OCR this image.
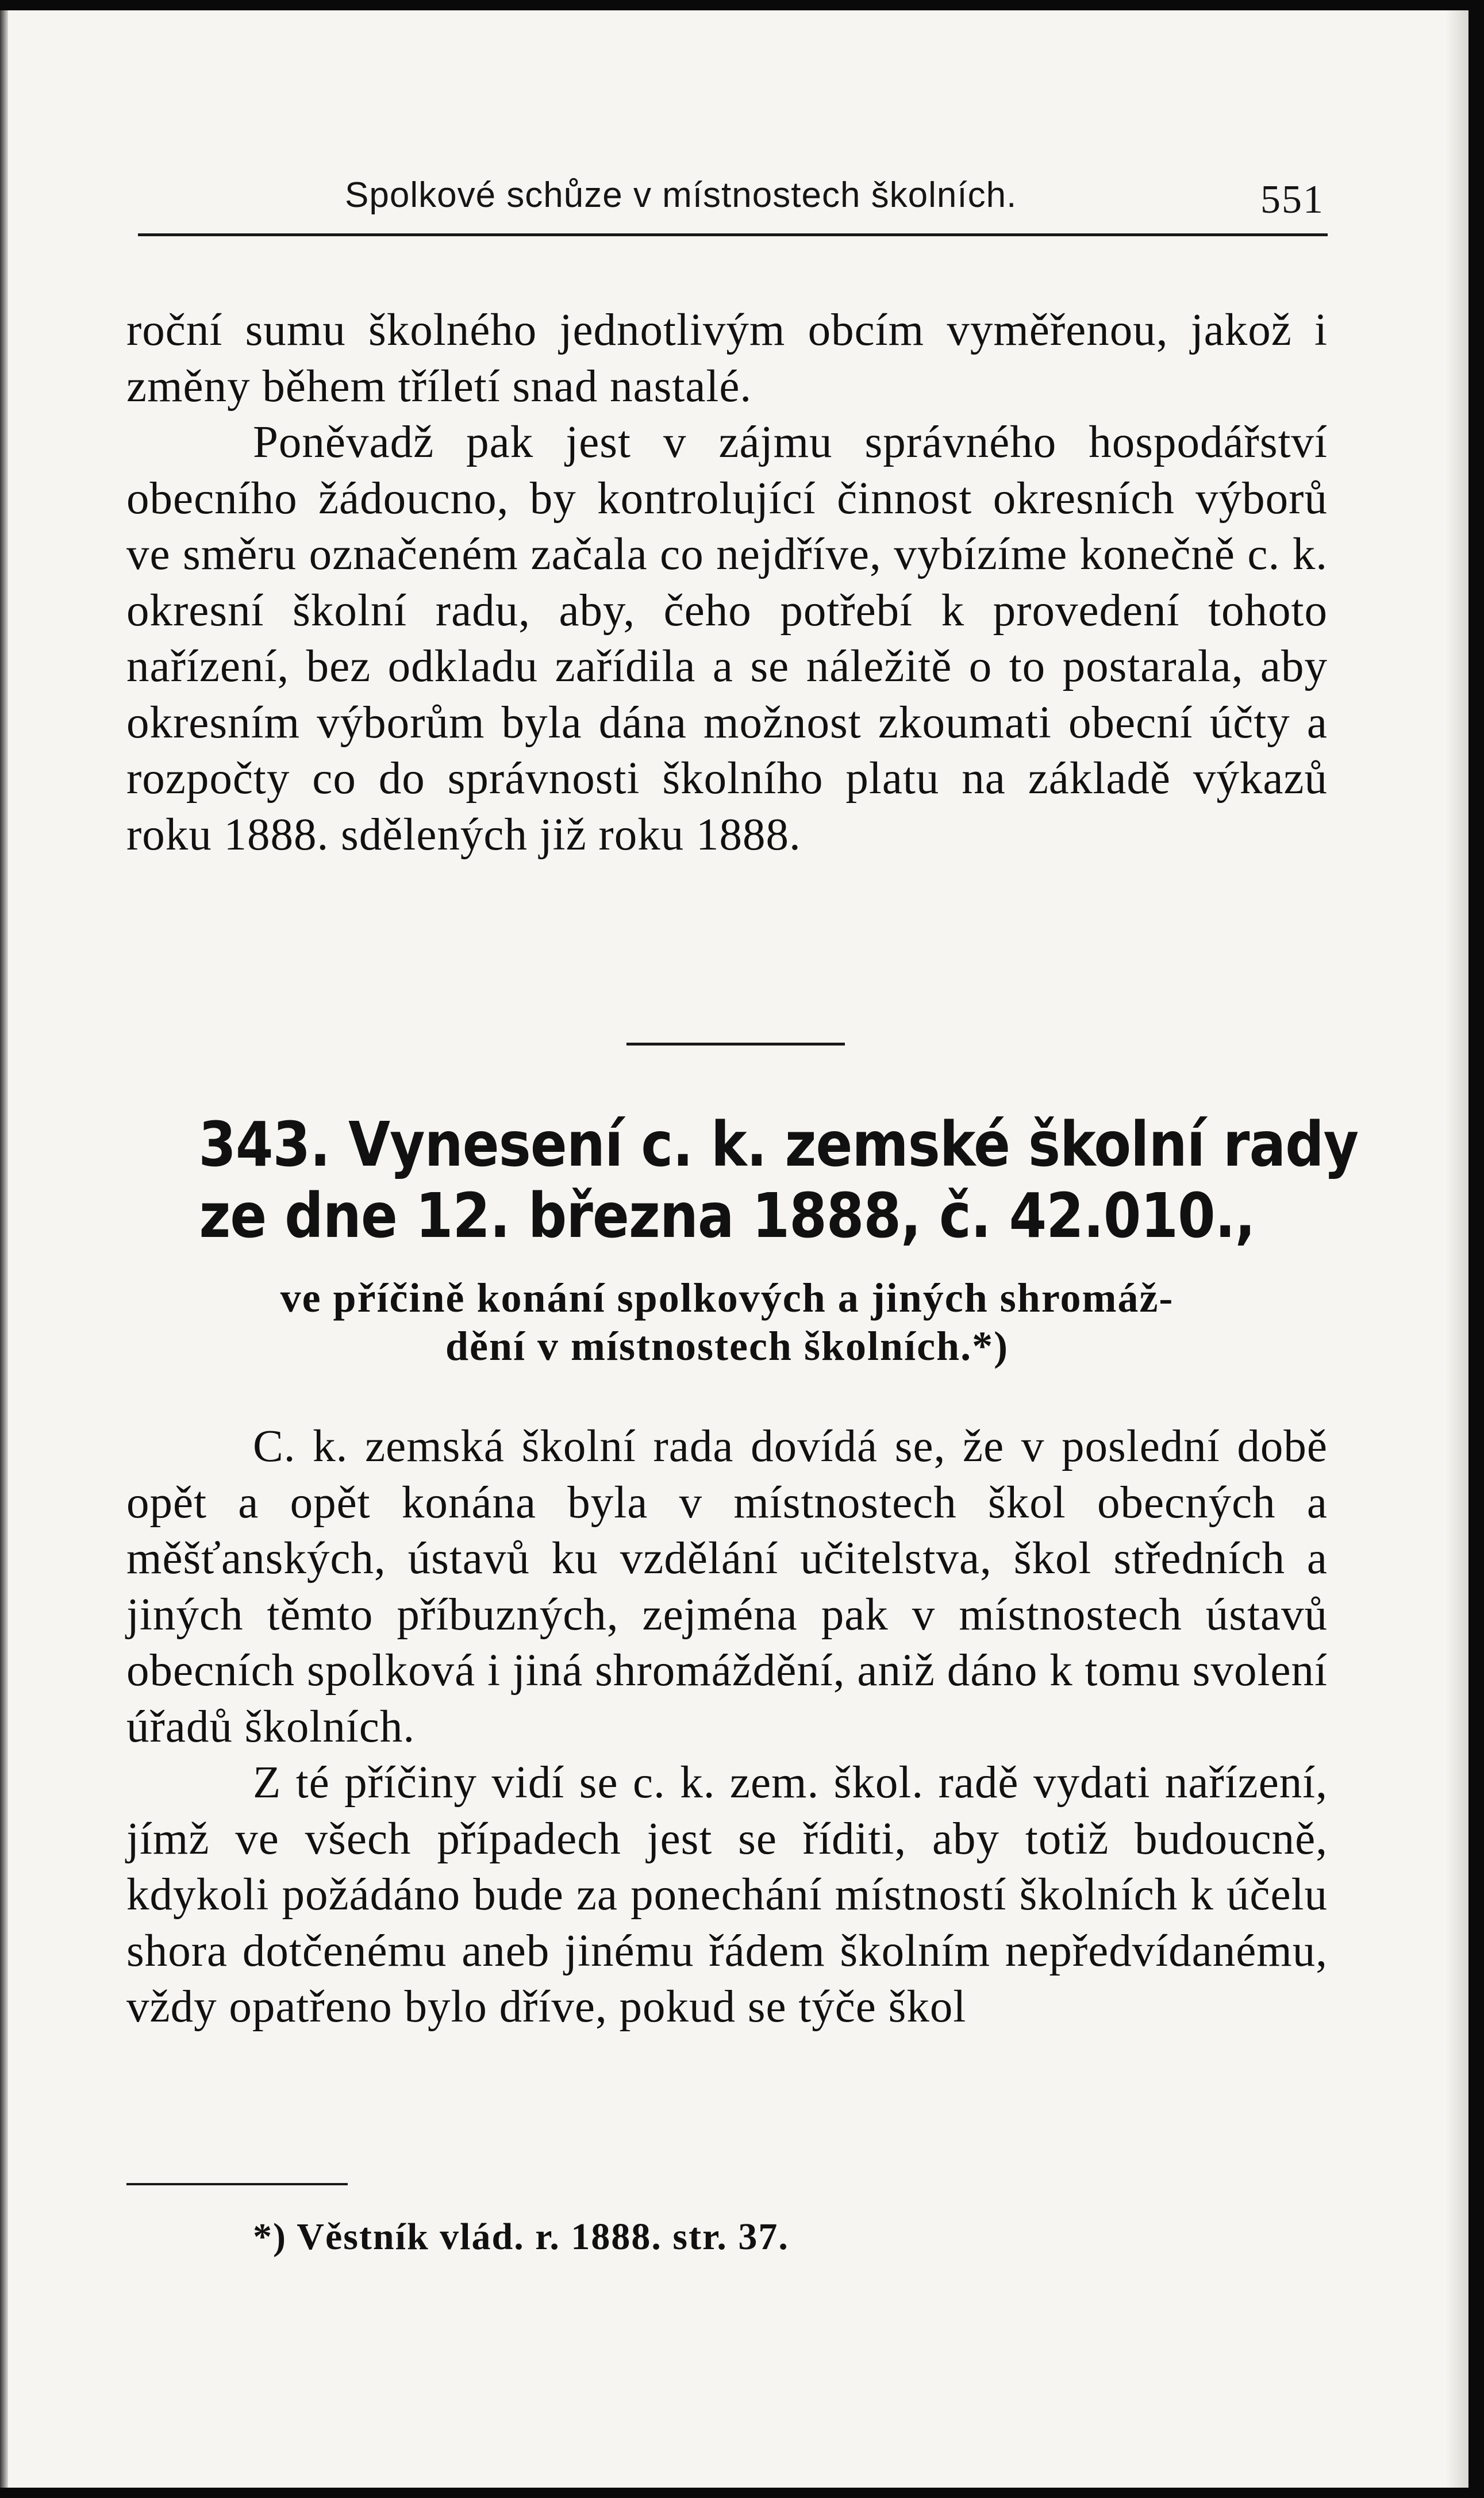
Spolkové schůze v místnostech školních.	551

roční sumu školného jednotlivým obcím vyměřenou, jakož i změny během tříletí snad nastalé.

Poněvadž pak jest v zájmu správného hospodářství obecního žádoucno, by kontrolující činnost okresních výborů ve směru označeném začala co nejdříve, vybízíme konečně c. k. okresní školní radu, aby, čeho potřebí k provedení tohoto nařízení, bez odkladu zařídila a se náležitě o to postarala, aby okresním výborům byla dána možnost zkoumati obecní účty a rozpočty co do správnosti školního platu na základě výkazů roku 1888. sdělených již roku 1888.

343. Vynesení c. k. zemské školní rady
ze dne 12. března 1888, č. 42.010.,
ve příčině konání spolkových a jiných shromáž-
dění v místnostech školních.*)

C. k. zemská školní rada dovídá se, že v poslední době opět a opět konána byla v místnostech škol obecných a měšťanských, ústavů ku vzdělání učitelstva, škol středních a jiných těmto příbuzných, zejména pak v místnostech ústavů obecních spolková i jiná shromáždění, aniž dáno k tomu svolení úřadů školních.

Z té příčiny vidí se c. k. zem. škol. radě vydati nařízení, jímž ve všech případech jest se říditi, aby totiž budoucně, kdykoli požádáno bude za ponechání místností školních k účelu shora dotčenému aneb jinému řádem školním nepředvídanému, vždy opatřeno bylo dříve, pokud se týče škol

*) Věstník vlád. r. 1888. str. 37.
